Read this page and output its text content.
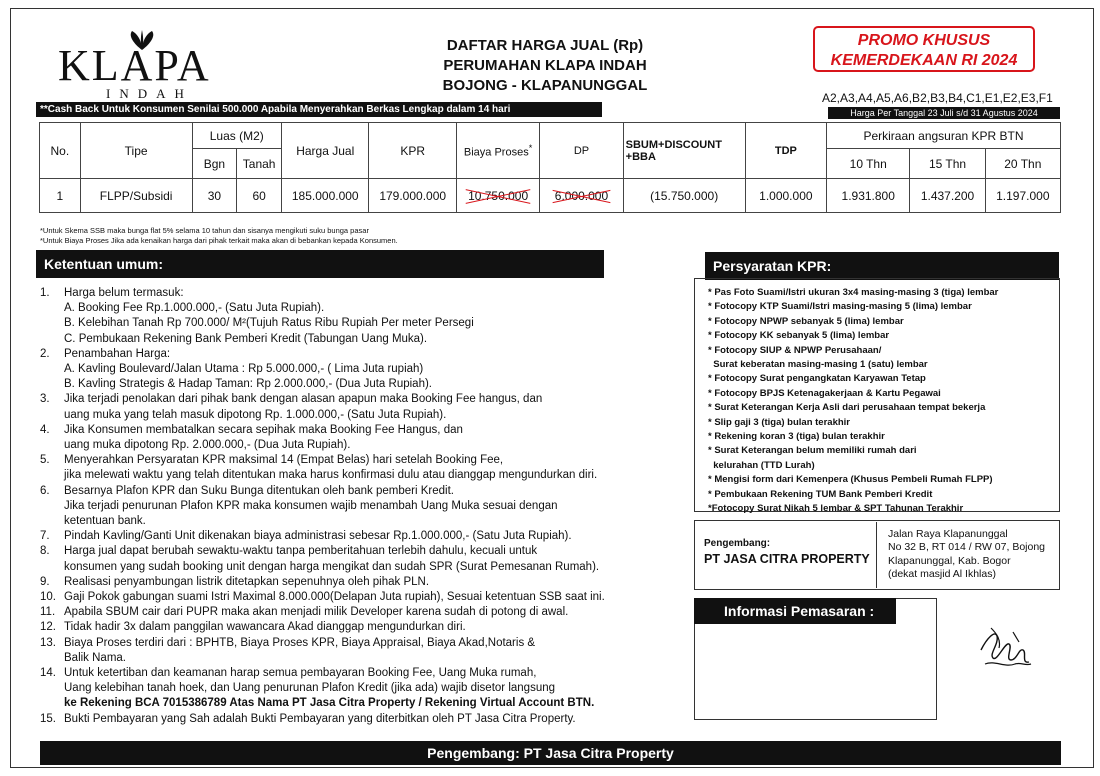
KLAPA
INDAH
DAFTAR HARGA JUAL (Rp)
PERUMAHAN KLAPA INDAH
BOJONG - KLAPANUNGGAL
PROMO KHUSUS
KEMERDEKAAN RI 2024
A2,A3,A4,A5,A6,B2,B3,B4,C1,E1,E2,E3,F1
Harga Per Tanggal 23 Juli s/d 31 Agustus 2024
**Cash Back Untuk Konsumen Senilai 500.000 Apabila Menyerahkan Berkas Lengkap dalam 14 hari
No.	Tipe	Luas (M2)		Harga Jual	KPR	Biaya Proses*	DP	SBUM+DISCOUNT +BBA	TDP	Perkiraan angsuran KPR BTN		
		Bgn	Tanah							10 Thn	15 Thn	20 Thn
1	FLPP/Subsidi	30	60	185.000.000	179.000.000	10.750.000	6.000.000	(15.750.000)	1.000.000	1.931.800	1.437.200	1.197.000
*Untuk Skema SSB maka bunga flat 5% selama 10 tahun dan sisanya mengikuti suku bunga pasar
*Untuk Biaya Proses Jika ada kenaikan harga dari pihak terkait maka akan di bebankan kepada Konsumen.
Ketentuan umum:
1.	Harga belum termasuk:
A. Booking Fee Rp.1.000.000,- (Satu Juta Rupiah).
B. Kelebihan Tanah Rp 700.000/ M²(Tujuh Ratus Ribu Rupiah Per meter Persegi
C. Pembukaan Rekening Bank Pemberi Kredit (Tabungan Uang Muka).
2.	Penambahan Harga:
A. Kavling Boulevard/Jalan Utama : Rp 5.000.000,- ( Lima Juta rupiah)
B. Kavling Strategis & Hadap Taman: Rp 2.000.000,- (Dua Juta Rupiah).
3.	Jika terjadi penolakan dari pihak bank dengan alasan apapun maka Booking Fee hangus, dan
uang muka yang telah masuk dipotong Rp. 1.000.000,- (Satu Juta Rupiah).
4.	Jika Konsumen membatalkan secara sepihak maka Booking Fee Hangus, dan
uang muka dipotong Rp. 2.000.000,- (Dua Juta Rupiah).
5.	Menyerahkan Persyaratan KPR maksimal 14 (Empat Belas) hari setelah Booking Fee,
jika melewati waktu yang telah ditentukan maka harus konfirmasi dulu atau dianggap mengundurkan diri.
6.	Besarnya Plafon KPR dan Suku Bunga ditentukan oleh bank pemberi Kredit.
Jika terjadi penurunan Plafon KPR maka konsumen wajib menambah Uang Muka sesuai dengan
ketentuan bank.
7.	Pindah Kavling/Ganti Unit dikenakan biaya administrasi sebesar Rp.1.000.000,- (Satu Juta Rupiah).
8.	Harga jual dapat berubah sewaktu-waktu tanpa pemberitahuan terlebih dahulu, kecuali untuk
konsumen yang sudah booking unit dengan harga mengikat dan sudah SPR (Surat Pemesanan Rumah).
9.	Realisasi penyambungan listrik ditetapkan sepenuhnya oleh pihak PLN.
10. Gaji Pokok gabungan suami Istri Maximal 8.000.000(Delapan Juta rupiah), Sesuai ketentuan SSB saat ini.
11. Apabila SBUM cair dari PUPR maka akan menjadi milik Developer karena sudah di potong di awal.
12. Tidak hadir 3x dalam panggilan wawancara Akad dianggap mengundurkan diri.
13. Biaya Proses terdiri dari : BPHTB, Biaya Proses KPR, Biaya Appraisal, Biaya Akad,Notaris &
Balik Nama.
14. Untuk ketertiban dan keamanan harap semua pembayaran Booking Fee, Uang Muka rumah,
Uang kelebihan tanah hoek, dan Uang penurunan Plafon Kredit (jika ada) wajib disetor langsung
ke Rekening BCA 7015386789 Atas Nama PT Jasa Citra Property / Rekening Virtual Account BTN.
15. Bukti Pembayaran yang Sah adalah Bukti Pembayaran yang diterbitkan oleh PT Jasa Citra Property.
Persyaratan KPR:
* Pas Foto Suami/Istri ukuran 3x4 masing-masing 3 (tiga) lembar
* Fotocopy KTP Suami/Istri masing-masing 5 (lima) lembar
* Fotocopy NPWP sebanyak 5 (lima) lembar
* Fotocopy KK sebanyak 5 (lima) lembar
* Fotocopy SIUP & NPWP Perusahaan/
Surat keberatan masing-masing 1 (satu) lembar
* Fotocopy Surat pengangkatan Karyawan Tetap
* Fotocopy BPJS Ketenagakerjaan & Kartu Pegawai
* Surat Keterangan Kerja Asli dari perusahaan tempat bekerja
* Slip gaji 3 (tiga) bulan terakhir
* Rekening koran 3 (tiga) bulan terakhir
* Surat Keterangan belum memiliki rumah dari
kelurahan (TTD Lurah)
* Mengisi form dari Kemenpera (Khusus Pembeli Rumah FLPP)
* Pembukaan Rekening TUM Bank Pemberi Kredit
*Fotocopy Surat Nikah 5 lembar & SPT Tahunan Terakhir
Pengembang:
PT JASA CITRA PROPERTY
Jalan Raya Klapanunggal
No 32 B, RT 014 / RW 07, Bojong
Klapanunggal, Kab. Bogor
(dekat masjid Al Ikhlas)
Informasi Pemasaran :
Pengembang: PT Jasa Citra Property
